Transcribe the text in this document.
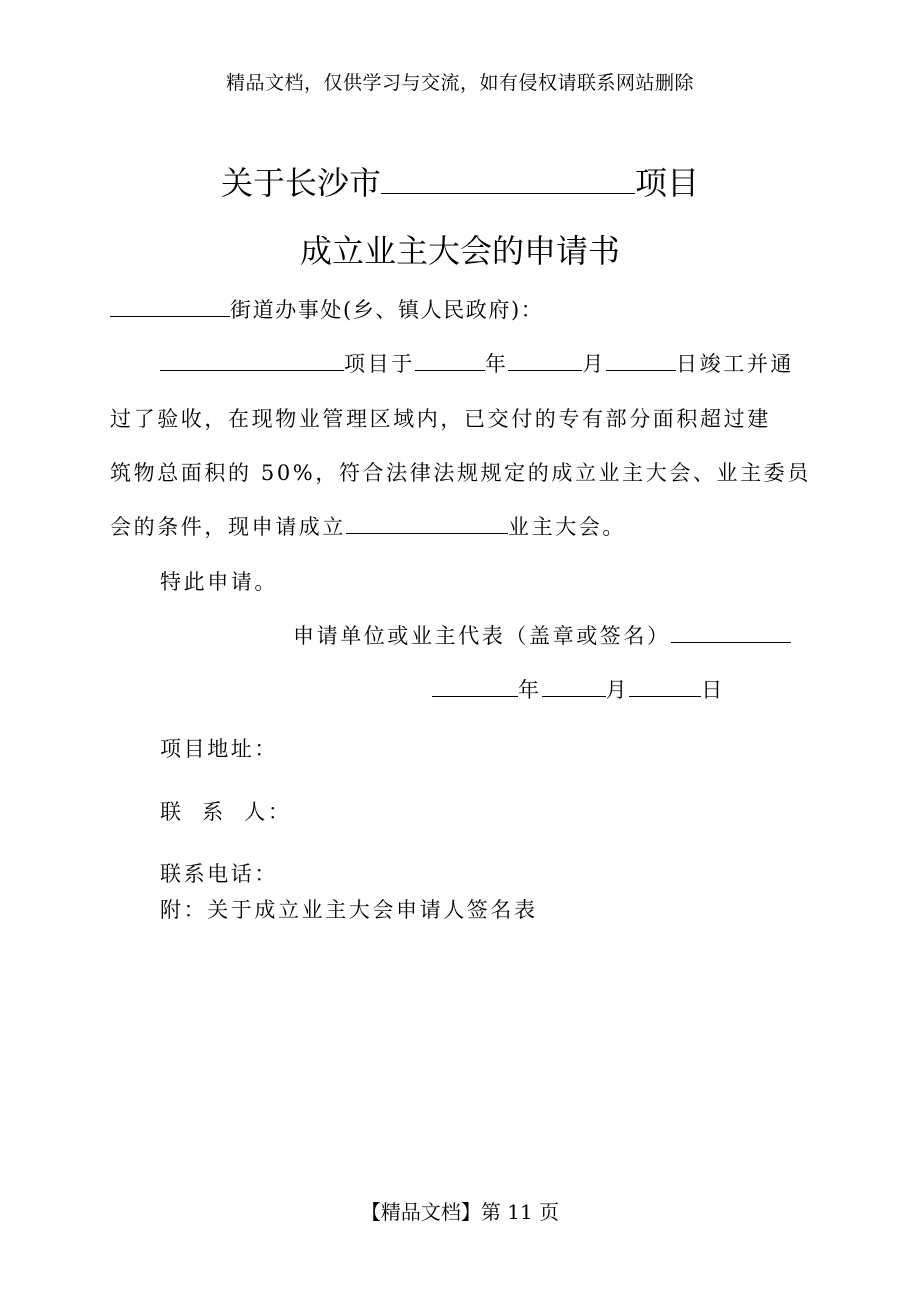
精品文档，仅供学习与交流，如有侵权请联系网站删除
关于长沙市	项目
成立业主大会的申请书
街道办事处(乡、镇人民政府)：
项目于	年	月	日竣工并通
过了验收，在现物业管理区域内，已交付的专有部分面积超过建
筑物总面积的 50%，符合法律法规规定的成立业主大会、业主委员
会的条件，现申请成立	业主大会。
特此申请。
申请单位或业主代表（盖章或签名）
年	月	日
项目地址：
联  系  人：
联系电话：
附：关于成立业主大会申请人签名表
【精品文档】第 11 页
